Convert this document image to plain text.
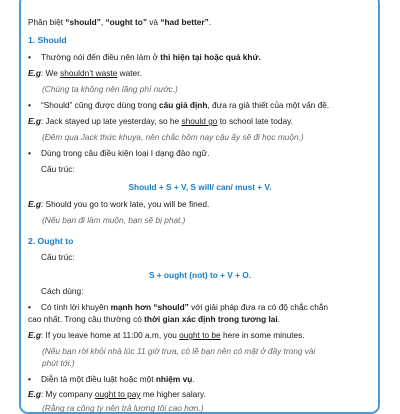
Phân biệt “should”, “ought to” và “had better”.
1. Should
• Thường nói đến điều nên làm ở thì hiện tại hoặc quá khứ.
E.g: We shouldn’t waste water.
(Chúng ta không nên lãng phí nước.)
• “Should” cũng được dùng trong câu giả định, đưa ra giả thiết của một vấn đề.
E.g: Jack stayed up late yesterday, so he should go to school late today.
(Đêm qua Jack thức khuya, nên chắc hôm nay cậu ấy sẽ đi học muộn.)
• Dùng trong câu điều kiện loại I dạng đảo ngữ.
Cấu trúc:
Should + S + V, S will/ can/ must + V.
E.g: Should you go to work late, you will be fined.
(Nếu bạn đi làm muộn, bạn sẽ bị phạt.)
2. Ought to
Cấu trúc:
S + ought (not) to + V + O.
Cách dùng:
• Có tính lời khuyên mạnh hơn “should” với giải pháp đưa ra có độ chắc chắn
cao nhất. Trong câu thường có thời gian xác định trong tương lai.
E.g: If you leave home at 11:00 a.m, you ought to be here in some minutes.
(Nếu bạn rời khỏi nhà lúc 11 giờ trưa, có lẽ bạn nên có mặt ở đây trong vài
phút tới.)
• Diễn tả một điều luật hoặc một nhiệm vụ.
E.g: My company ought to pay me higher salary.
(Rằng ra công ty nên trả lương tôi cao hơn.)
